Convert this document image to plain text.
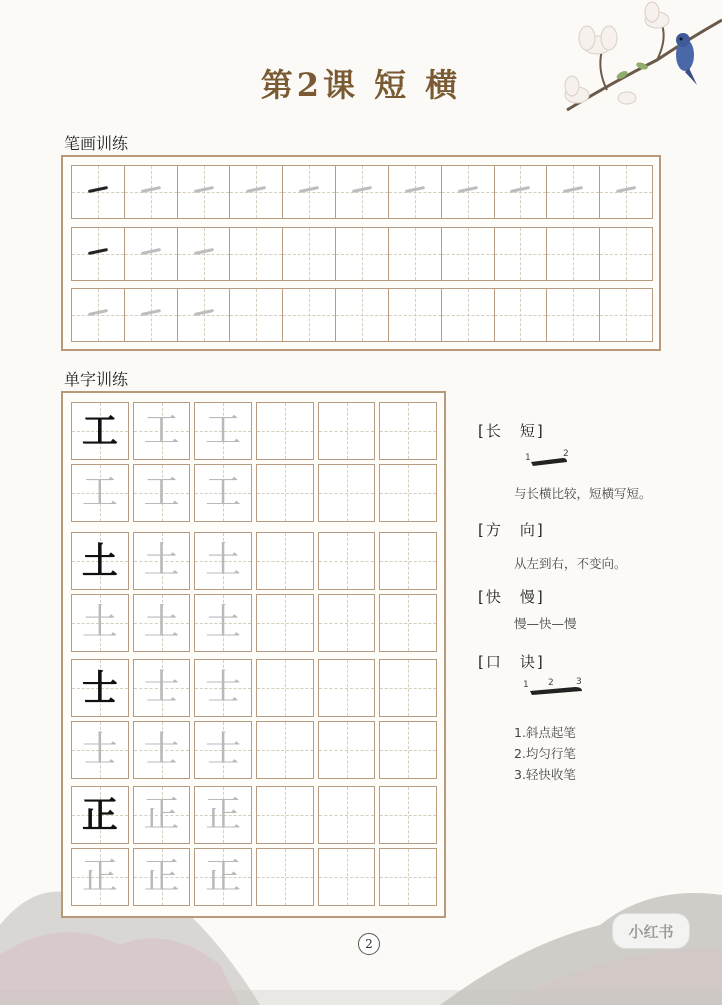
第2课 短 横
笔画训练
单字训练
工 工 工
工 工 工
土 土 土
土 土 土
士 士 士
士 士 士
正 正 正
正 正 正
[长　短]
1	2
与长横比较，短横写短。
[方　向]
从左到右，不变向。
[快　慢]
慢—快—慢
[口　诀]
1 2 3
1.斜点起笔
2.均匀行笔
3.轻快收笔
2
小红书
